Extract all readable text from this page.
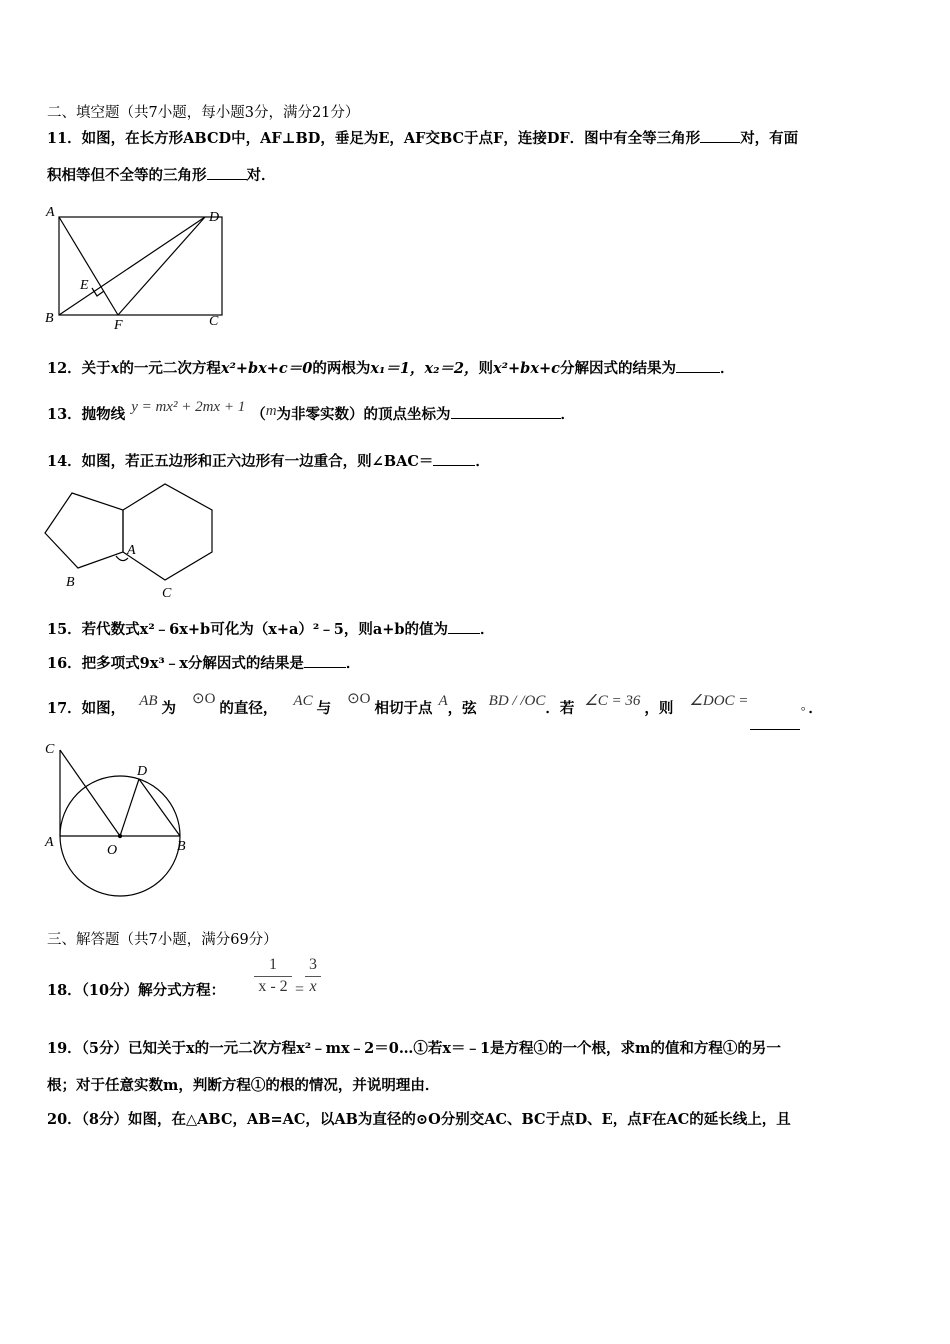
二、填空题（共7小题，每小题3分，满分21分）
11．如图，在长方形ABCD中，AF⊥BD，垂足为E，AF交BC于点F，连接DF．图中有全等三角形	对，有面
积相等但不全等的三角形	对．
A	D
E
B	F	C
12．关于x的一元二次方程x²+bx+c＝0的两根为x₁＝1，x₂＝2，则x²+bx+c分解因式的结果为	．
13．抛物线 y = mx² + 2mx + 1 （m为非零实数）的顶点坐标为	．
14．如图，若正五边形和正六边形有一边重合，则∠BAC＝	．
A
B
C
15．若代数式x²﹣6x+b可化为（x+a）²﹣5，则a+b的值为 ．
16．把多项式9x³﹣x分解因式的结果是	．
17．如图， AB 为⊙O的直径， AC 与⊙O相切于点 A，弦 BD / /OC．若 ∠C = 36 ，则 ∠DOC =
° ．
C
D
A
O	B
三、解答题（共7小题，满分69分）
18．（10分）解分式方程： $\frac{1}{x - 2} = \frac{3}{x}$
19．（5分）已知关于x的一元二次方程x²﹣mx﹣2＝0…①若x＝﹣1是方程①的一个根，求m的值和方程①的另一
根；对于任意实数m，判断方程①的根的情况，并说明理由．
20．（8分）如图，在△ABC，AB=AC，以AB为直径的⊙O分别交AC、BC于点D、E，点F在AC的延长线上，且
